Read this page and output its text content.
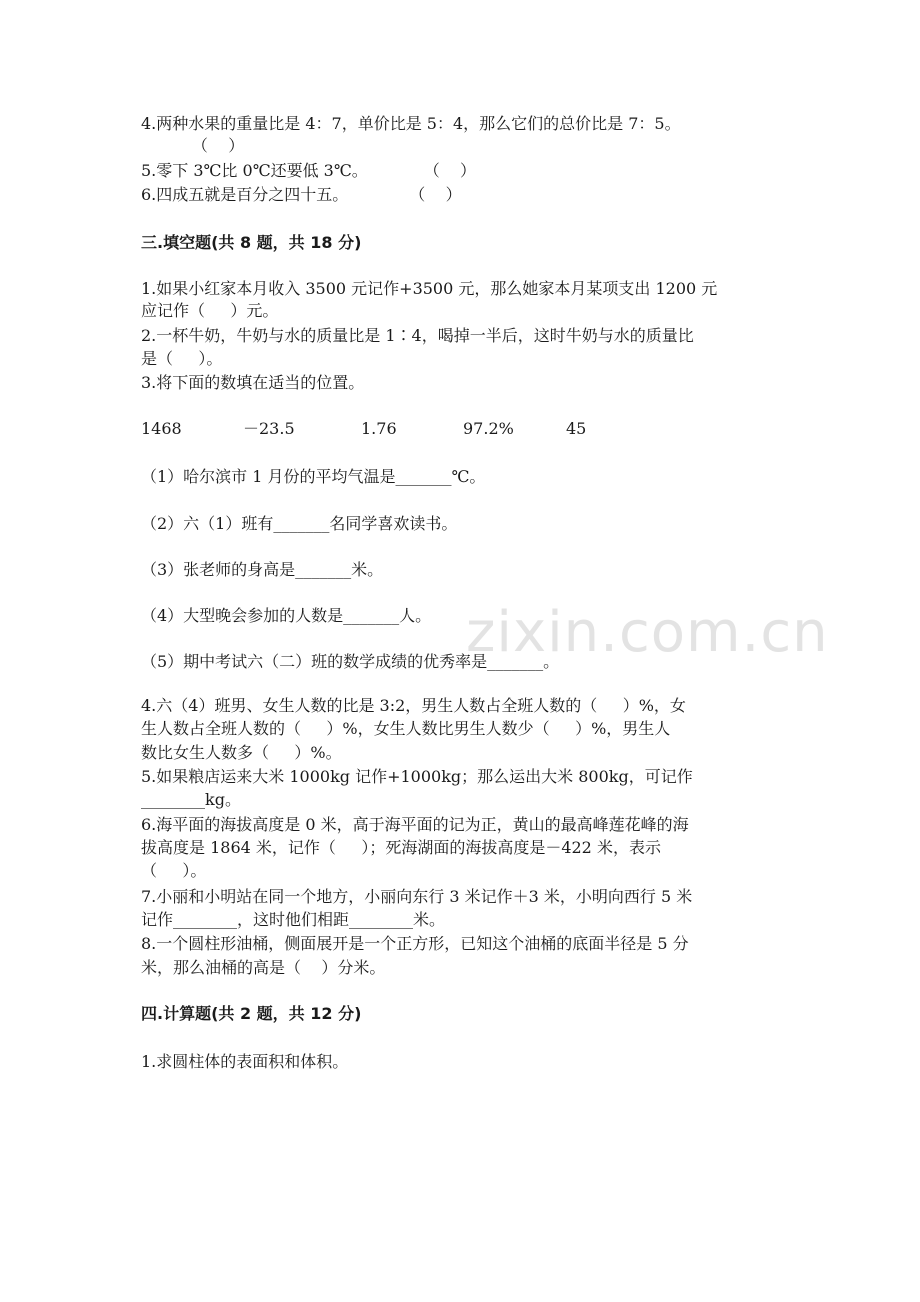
zixin.com.cn
4.两种水果的重量比是 4：7，单价比是 5：4，那么它们的总价比是 7：5。
（    ）
5.零下 3℃比 0℃还要低 3℃。           （    ）
6.四成五就是百分之四十五。            （    ）
三.填空题(共 8 题，共 18 分)
1.如果小红家本月收入 3500 元记作+3500 元，那么她家本月某项支出 1200 元
应记作（     ）元。
2.一杯牛奶，牛奶与水的质量比是 1∶4，喝掉一半后，这时牛奶与水的质量比
是（     ）。
3.将下面的数填在适当的位置。
1468	－23.5	1.76	97.2%	45
（1）哈尔滨市 1 月份的平均气温是_______℃。
（2）六（1）班有_______名同学喜欢读书。
（3）张老师的身高是_______米。
（4）大型晚会参加的人数是_______人。
（5）期中考试六（二）班的数学成绩的优秀率是_______。
4.六（4）班男、女生人数的比是 3:2，男生人数占全班人数的（     ）%，女
生人数占全班人数的（     ）%，女生人数比男生人数少（     ）%，男生人
数比女生人数多（     ）%。
5.如果粮店运来大米 1000kg 记作+1000kg；那么运出大米 800kg，可记作
________kg。
6.海平面的海拔高度是 0 米，高于海平面的记为正，黄山的最高峰莲花峰的海
拔高度是 1864 米，记作（     ）；死海湖面的海拔高度是－422 米，表示
（     ）。
7.小丽和小明站在同一个地方，小丽向东行 3 米记作＋3 米，小明向西行 5 米
记作________，这时他们相距________米。
8.一个圆柱形油桶，侧面展开是一个正方形，已知这个油桶的底面半径是 5 分
米，那么油桶的高是（    ）分米。
四.计算题(共 2 题，共 12 分)
1.求圆柱体的表面积和体积。
